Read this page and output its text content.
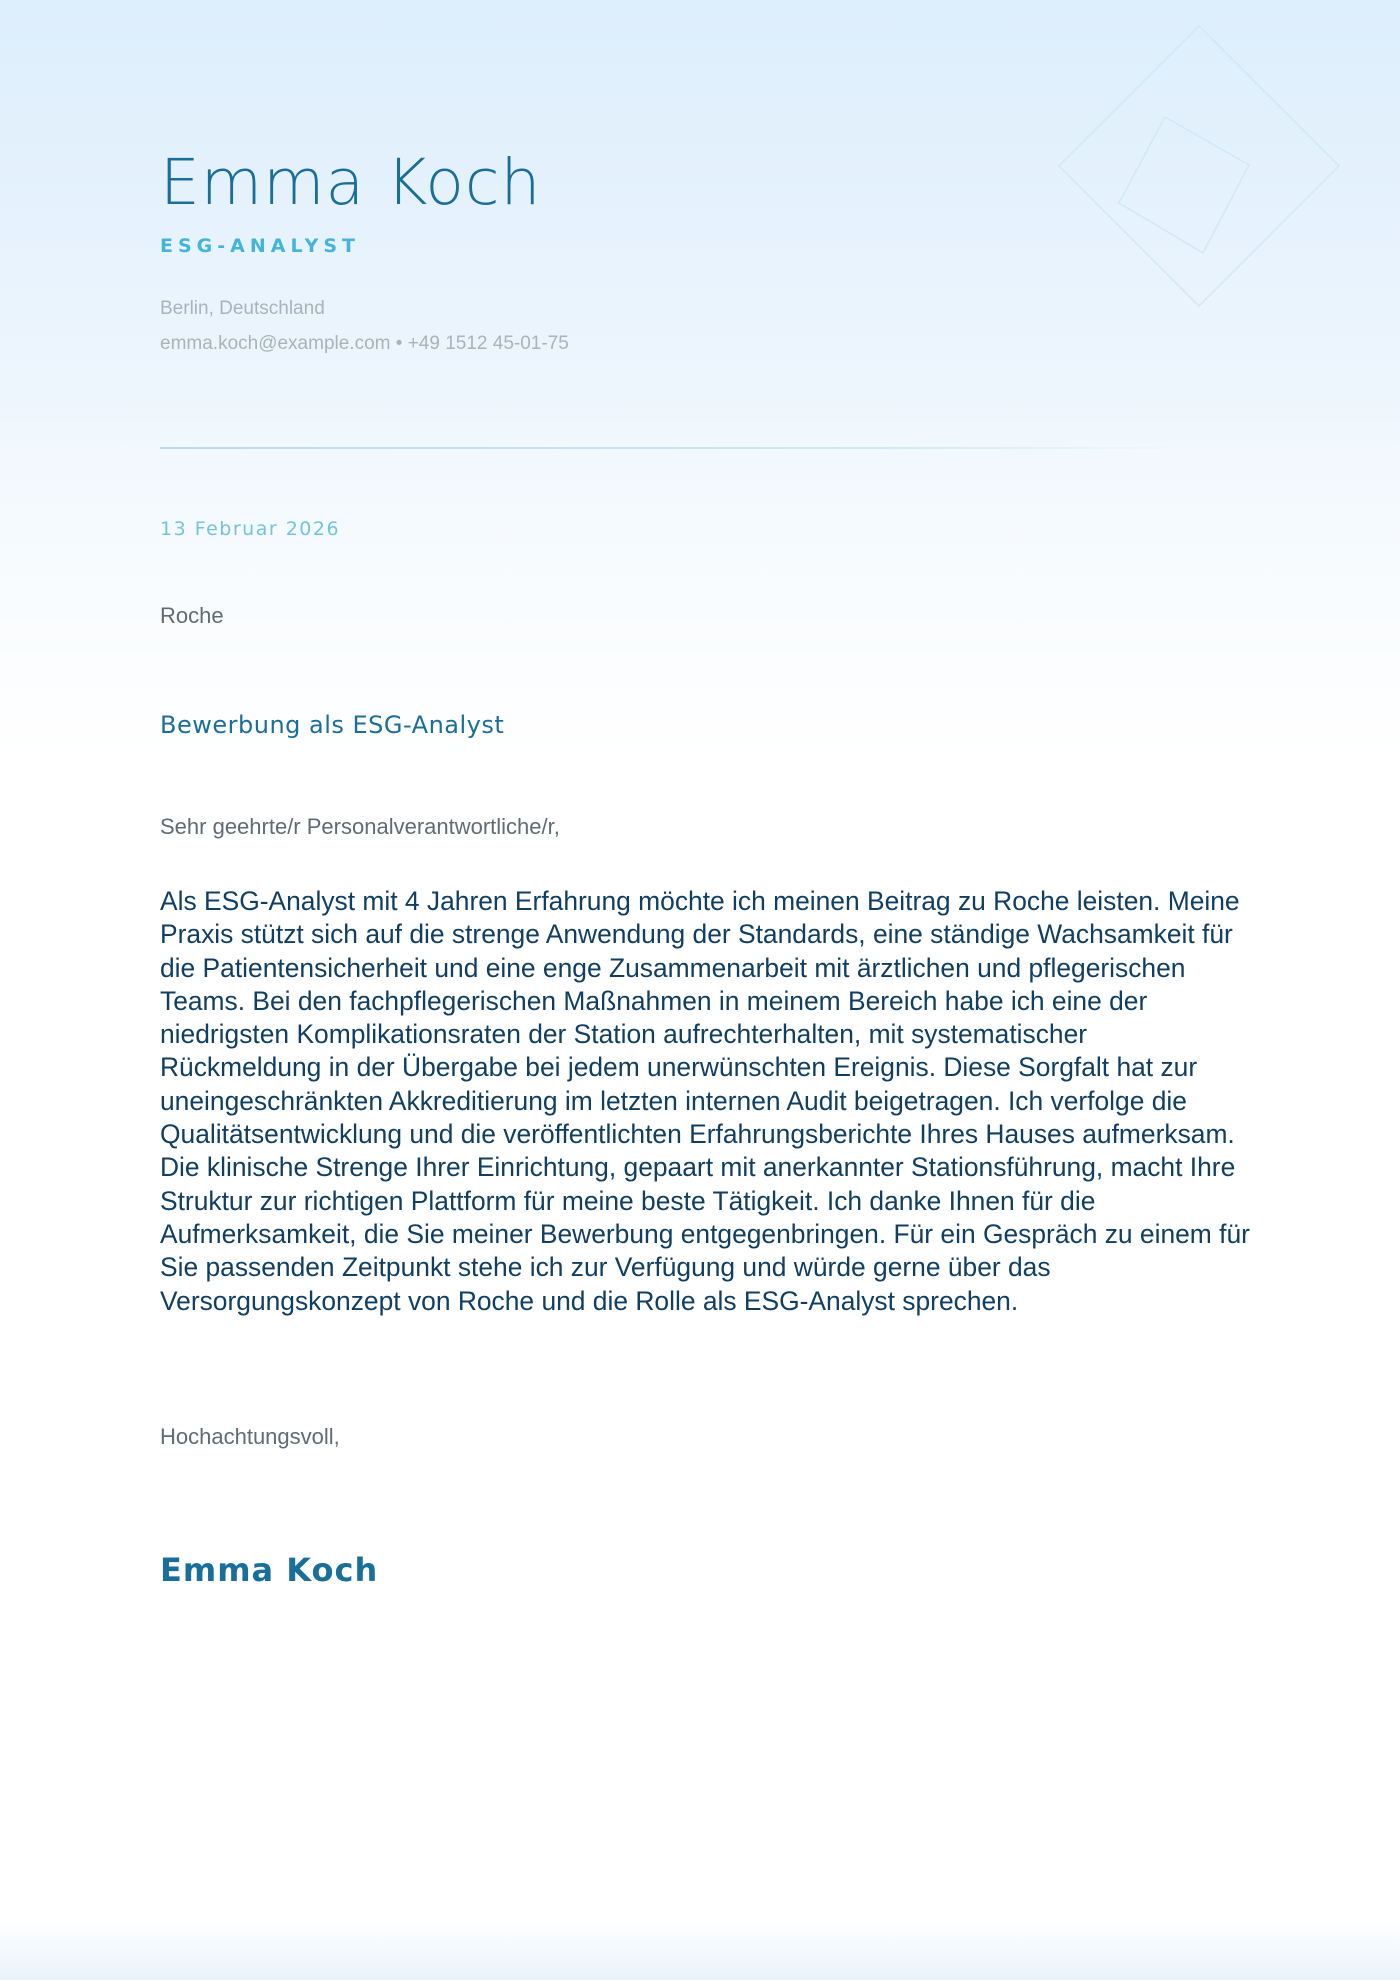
Emma Koch
ESG-ANALYST
Berlin, Deutschland
emma.koch@example.com • +49 1512 45-01-75
13 Februar 2026
Roche
Bewerbung als ESG-Analyst
Sehr geehrte/r Personalverantwortliche/r,
Als ESG-Analyst mit 4 Jahren Erfahrung möchte ich meinen Beitrag zu Roche leisten. Meine Praxis stützt sich auf die strenge Anwendung der Standards, eine ständige Wachsamkeit für die Patientensicherheit und eine enge Zusammenarbeit mit ärztlichen und pflegerischen Teams. Bei den fachpflegerischen Maßnahmen in meinem Bereich habe ich eine der niedrigsten Komplikationsraten der Station aufrechterhalten, mit systematischer Rückmeldung in der Übergabe bei jedem unerwünschten Ereignis. Diese Sorgfalt hat zur uneingeschränkten Akkreditierung im letzten internen Audit beigetragen. Ich verfolge die Qualitätsentwicklung und die veröffentlichten Erfahrungsberichte Ihres Hauses aufmerksam. Die klinische Strenge Ihrer Einrichtung, gepaart mit anerkannter Stationsführung, macht Ihre Struktur zur richtigen Plattform für meine beste Tätigkeit. Ich danke Ihnen für die Aufmerksamkeit, die Sie meiner Bewerbung entgegenbringen. Für ein Gespräch zu einem für Sie passenden Zeitpunkt stehe ich zur Verfügung und würde gerne über das Versorgungskonzept von Roche und die Rolle als ESG-Analyst sprechen.
Hochachtungsvoll,
Emma Koch
